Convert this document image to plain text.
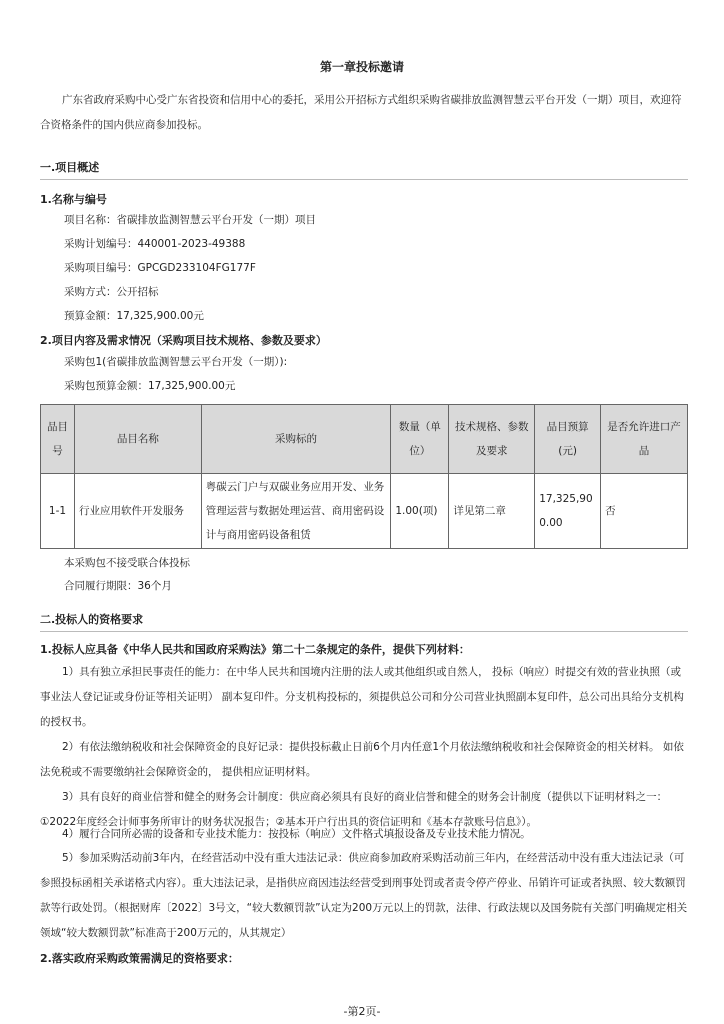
第一章投标邀请

广东省政府采购中心受广东省投资和信用中心的委托，采用公开招标方式组织采购省碳排放监测智慧云平台开发（一期）项目，欢迎符合资格条件的国内供应商参加投标。

一.项目概述
1.名称与编号
项目名称：省碳排放监测智慧云平台开发（一期）项目
采购计划编号：440001-2023-49388
采购项目编号：GPCGD233104FG177F
采购方式：公开招标
预算金额：17,325,900.00元
2.项目内容及需求情况（采购项目技术规格、参数及要求）
采购包1(省碳排放监测智慧云平台开发（一期）):
采购包预算金额：17,325,900.00元
品目号	品目名称	采购标的	数量（单位）	技术规格、参数及要求	品目预算(元)	是否允许进口产品
1-1	行业应用软件开发服务	粤碳云门户与双碳业务应用开发、业务管理运营与数据处理运营、商用密码设计与商用密码设备租赁	1.00(项)	详见第二章	17,325,900.00	否
本采购包不接受联合体投标
合同履行期限：36个月
二.投标人的资格要求
1.投标人应具备《中华人民共和国政府采购法》第二十二条规定的条件，提供下列材料：

1）具有独立承担民事责任的能力：在中华人民共和国境内注册的法人或其他组织或自然人， 投标（响应）时提交有效的营业执照（或事业法人登记证或身份证等相关证明） 副本复印件。分支机构投标的，须提供总公司和分公司营业执照副本复印件，总公司出具给分支机构的授权书。

2）有依法缴纳税收和社会保障资金的良好记录：提供投标截止日前6个月内任意1个月依法缴纳税收和社会保障资金的相关材料。 如依法免税或不需要缴纳社会保障资金的， 提供相应证明材料。

3）具有良好的商业信誉和健全的财务会计制度：供应商必须具有良好的商业信誉和健全的财务会计制度（提供以下证明材料之一：①2022年度经会计师事务所审计的财务状况报告；②基本开户行出具的资信证明和《基本存款账号信息》）。

4）履行合同所必需的设备和专业技术能力：按投标（响应）文件格式填报设备及专业技术能力情况。

5）参加采购活动前3年内，在经营活动中没有重大违法记录：供应商参加政府采购活动前三年内，在经营活动中没有重大违法记录（可参照投标函相关承诺格式内容）。重大违法记录，是指供应商因违法经营受到刑事处罚或者责令停产停业、吊销许可证或者执照、较大数额罚款等行政处罚。（根据财库〔2022〕3号文，“较大数额罚款”认定为200万元以上的罚款，法律、行政法规以及国务院有关部门明确规定相关领域“较大数额罚款”标准高于200万元的，从其规定）

2.落实政府采购政策需满足的资格要求：
-第2页-
